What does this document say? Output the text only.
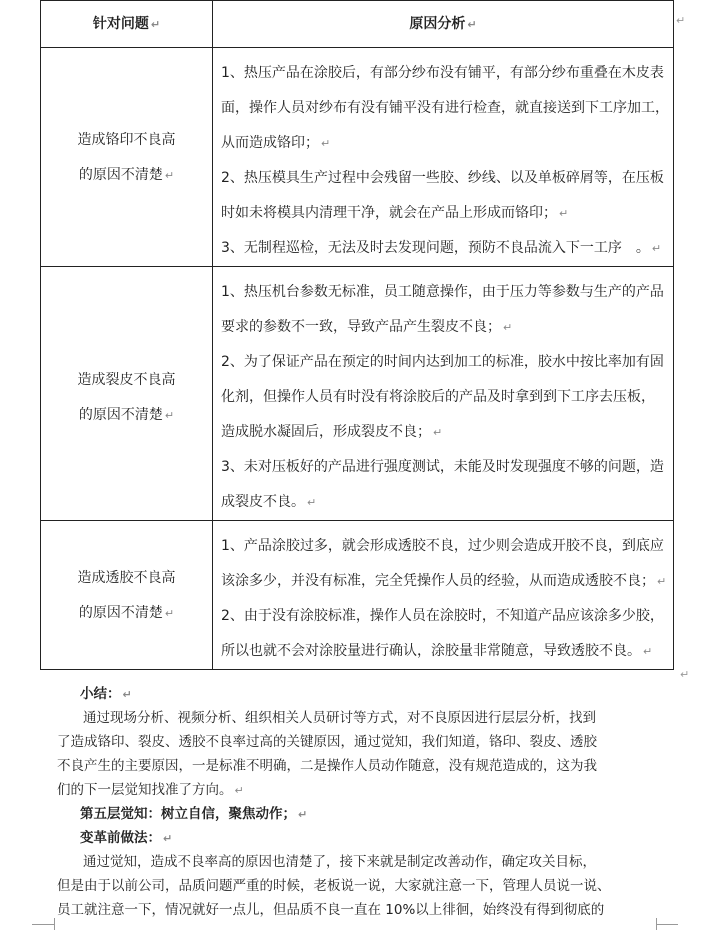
针对问题 ↵	原因分析 ↵
造成铬印不良高
的原因不清楚 ↵
1、热压产品在涂胶后，有部分纱布没有铺平，有部分纱布重叠在木皮表
面，操作人员对纱布有没有铺平没有进行检查，就直接送到下工序加工，
从而造成铬印； ↵
2、热压模具生产过程中会残留一些胶、纱线、以及单板碎屑等，在压板
时如未将模具内清理干净，就会在产品上形成而铬印； ↵
3、无制程巡检，无法及时去发现问题，预防不良品流入下一工序　。 ↵
造成裂皮不良高
的原因不清楚 ↵
1、热压机台参数无标准，员工随意操作，由于压力等参数与生产的产品
要求的参数不一致，导致产品产生裂皮不良； ↵
2、为了保证产品在预定的时间内达到加工的标准，胶水中按比率加有固
化剂，但操作人员有时没有将涂胶后的产品及时拿到到下工序去压板，
造成脱水凝固后，形成裂皮不良； ↵
3、未对压板好的产品进行强度测试，未能及时发现强度不够的问题，造
成裂皮不良。 ↵
造成透胶不良高
的原因不清楚 ↵
1、产品涂胶过多，就会形成透胶不良，过少则会造成开胶不良，到底应
该涂多少，并没有标准，完全凭操作人员的经验，从而造成透胶不良； ↵
2、由于没有涂胶标准，操作人员在涂胶时，不知道产品应该涂多少胶，
所以也就不会对涂胶量进行确认，涂胶量非常随意，导致透胶不良。 ↵
↵
↵
小结： ↵
通过现场分析、视频分析、组织相关人员研讨等方式，对不良原因进行层层分析，找到
了造成铬印、裂皮、透胶不良率过高的关键原因，通过觉知，我们知道，铬印、裂皮、透胶
不良产生的主要原因，一是标准不明确，二是操作人员动作随意，没有规范造成的，这为我
们的下一层觉知找准了方向。 ↵
第五层觉知：树立自信，聚焦动作； ↵
变革前做法： ↵
通过觉知，造成不良率高的原因也清楚了，接下来就是制定改善动作，确定攻关目标，
但是由于以前公司，品质问题严重的时候，老板说一说，大家就注意一下，管理人员说一说、
员工就注意一下，情况就好一点儿，但品质不良一直在 10%以上徘徊，始终没有得到彻底的
